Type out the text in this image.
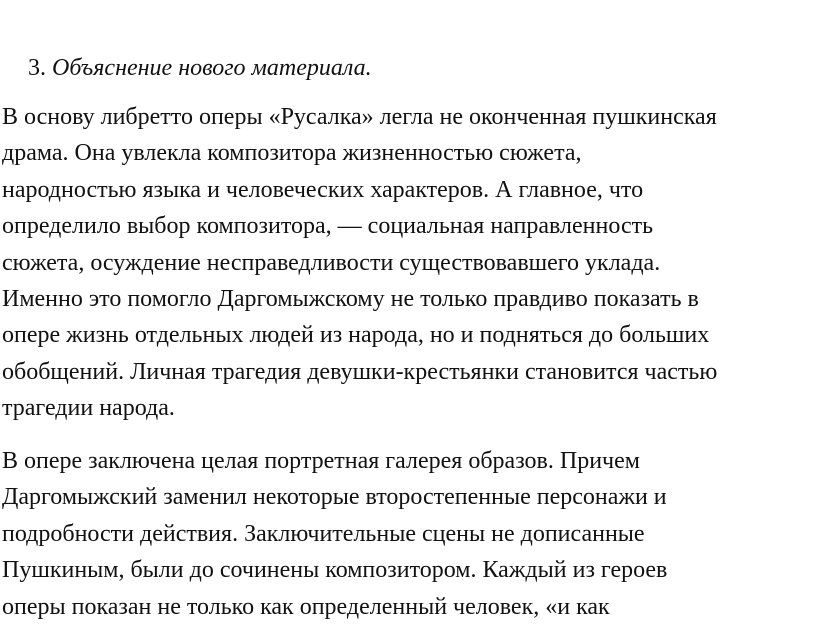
3. Объяснение нового материала.

В основу либретто оперы «Русалка» легла не оконченная пушкинская
драма. Она увлекла композитора жизненностью сюжета,
народностью языка и человеческих характеров. А главное, что
определило выбор композитора, — социальная направленность
сюжета, осуждение несправедливости существовавшего уклада.
Именно это помогло Даргомыжскому не только правдиво показать в
опере жизнь отдельных людей из народа, но и подняться до больших
обобщений. Личная трагедия девушки-крестьянки становится частью
трагедии народа.

В опере заключена целая портретная галерея образов. Причем
Даргомыжский заменил некоторые второстепенные персонажи и
подробности действия. Заключительные сцены не дописанные
Пушкиным, были до сочинены композитором. Каждый из героев
оперы показан не только как определенный человек, «и как
